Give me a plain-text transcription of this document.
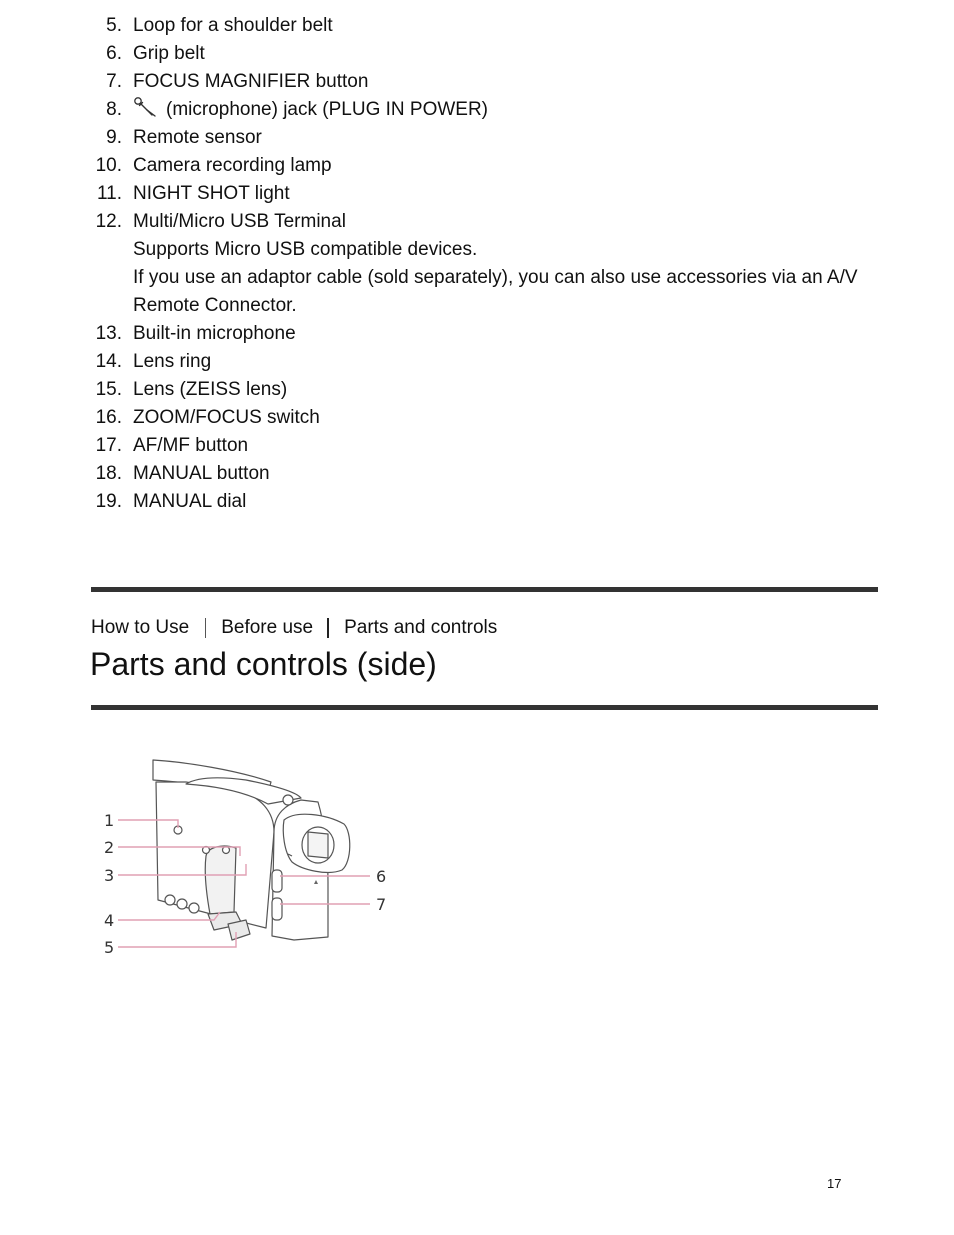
5. Loop for a shoulder belt
6. Grip belt
7. FOCUS MAGNIFIER button
8.	(microphone) jack (PLUG IN POWER)
9. Remote sensor
10. Camera recording lamp
11. NIGHT SHOT light
12. Multi/Micro USB Terminal
Supports Micro USB compatible devices.
If you use an adaptor cable (sold separately), you can also use accessories via an A/V
Remote Connector.
13. Built-in microphone
14. Lens ring
15. Lens (ZEISS lens)
16. ZOOM/FOCUS switch
17. AF/MF button
18. MANUAL button
19. MANUAL dial
How to Use Before use Parts and controls
Parts and controls (side)
1
2
3
4
5
6
7
17
